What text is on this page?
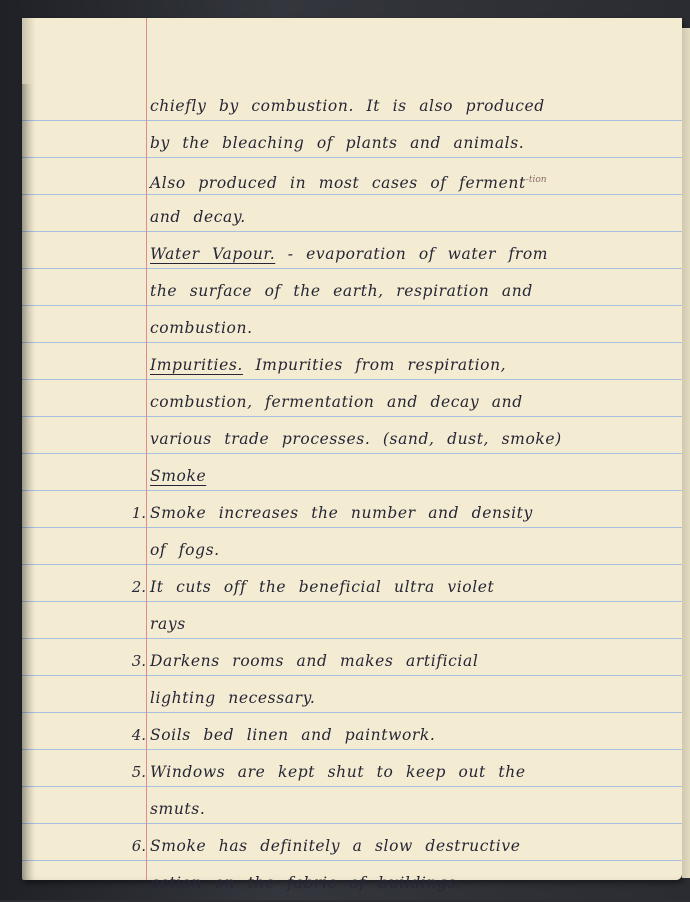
chiefly by combustion. It is also produced
by the bleaching of plants and animals.
Also produced in most cases of ferment$^{-tion}$
and decay.
Water Vapour. - evaporation of water from
the surface of the earth, respiration and
combustion.
Impurities. Impurities from respiration,
combustion, fermentation and decay and
various trade processes. (sand, dust, smoke)
Smoke
1. Smoke increases the number and density
of fogs.
2. It cuts off the beneficial ultra violet
rays
3. Darkens rooms and makes artificial
lighting necessary.
4. Soils bed linen and paintwork.
5. Windows are kept shut to keep out the
smuts.
6. Smoke has definitely a slow destructive
action on the fabric of buildings.
